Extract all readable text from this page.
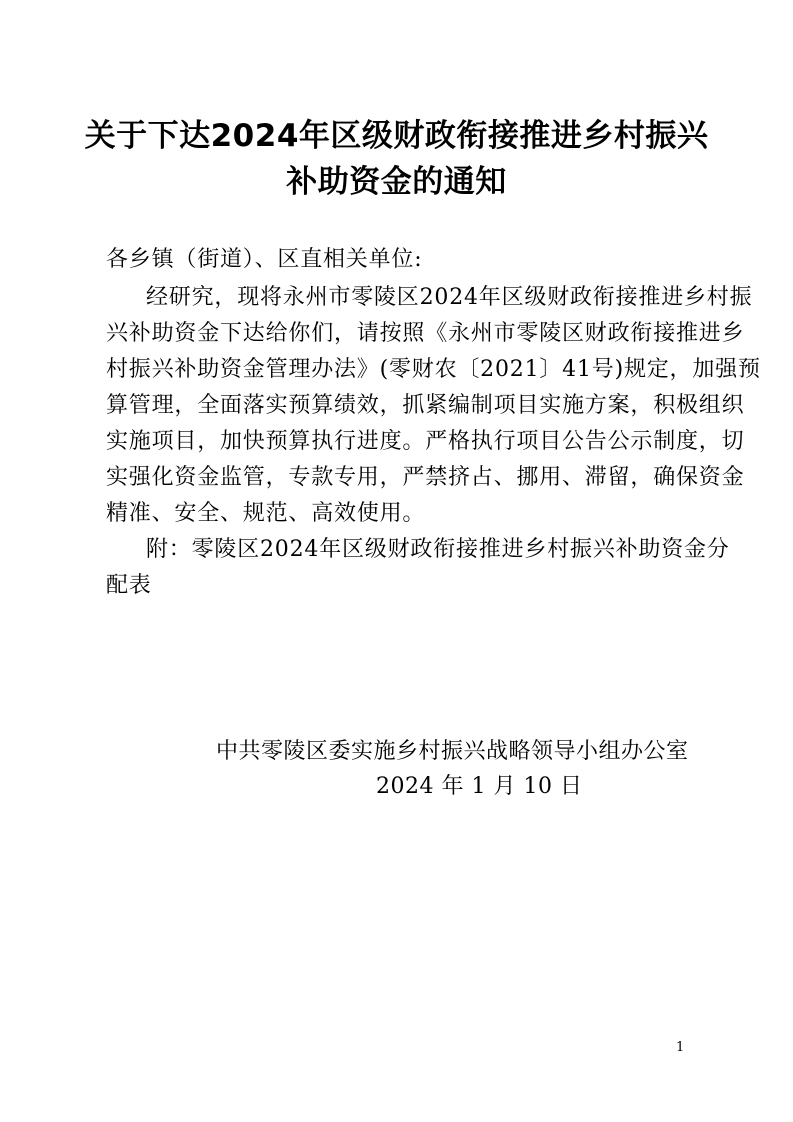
关于下达2024年区级财政衔接推进乡村振兴
补助资金的通知
各乡镇（街道）、区直相关单位:
经研究，现将永州市零陵区2024年区级财政衔接推进乡村振
兴补助资金下达给你们，请按照《永州市零陵区财政衔接推进乡
村振兴补助资金管理办法》(零财农〔2021〕41号)规定，加强预
算管理，全面落实预算绩效，抓紧编制项目实施方案，积极组织
实施项目，加快预算执行进度。严格执行项目公告公示制度，切
实强化资金监管，专款专用，严禁挤占、挪用、滞留，确保资金
精准、安全、规范、高效使用。
附：零陵区2024年区级财政衔接推进乡村振兴补助资金分
配表
中共零陵区委实施乡村振兴战略领导小组办公室
2024 年 1 月 10 日
1
